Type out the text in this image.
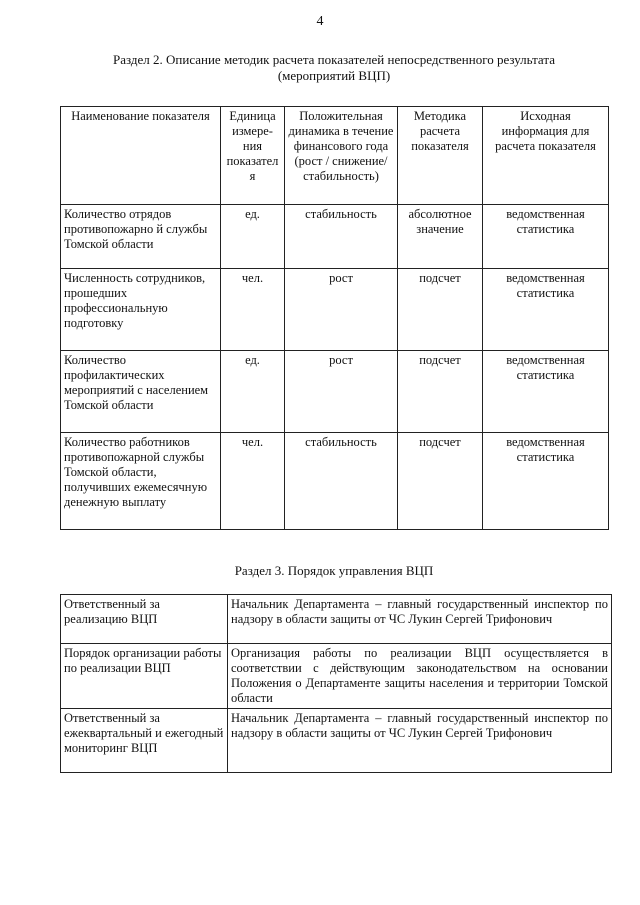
4
Раздел 2. Описание методик расчета показателей непосредственного результата
(мероприятий ВЦП)
Наименование показателя	Единица измере-ния показател я	Положительная динамика в течение финансового года (рост / снижение/ стабильность)	Методика расчета показателя	Исходная информация для расчета показателя
Количество отрядов противопожарно й службы Томской области	ед.	стабильность	абсолютное значение	ведомственная статистика
Численность сотрудников, прошедших профессиональную подготовку	чел.	рост	подсчет	ведомственная статистика
Количество профилактических мероприятий с населением Томской области	ед.	рост	подсчет	ведомственная статистика
Количество работников противопожарной службы Томской области, получивших ежемесячную денежную выплату	чел.	стабильность	подсчет	ведомственная статистика
Раздел 3. Порядок управления ВЦП
Ответственный за реализацию ВЦП	Начальник Департамента – главный государственный инспектор по надзору в области защиты от ЧС Лукин Сергей Трифонович
Порядок организации работы по реализации ВЦП	Организация работы по реализации ВЦП осуществляется в соответствии с действующим законодательством на основании Положения о Департаменте защиты населения и территории Томской области
Ответственный за ежеквартальный и ежегодный мониторинг ВЦП	Начальник Департамента – главный государственный инспектор по надзору в области защиты от ЧС Лукин Сергей Трифонович
